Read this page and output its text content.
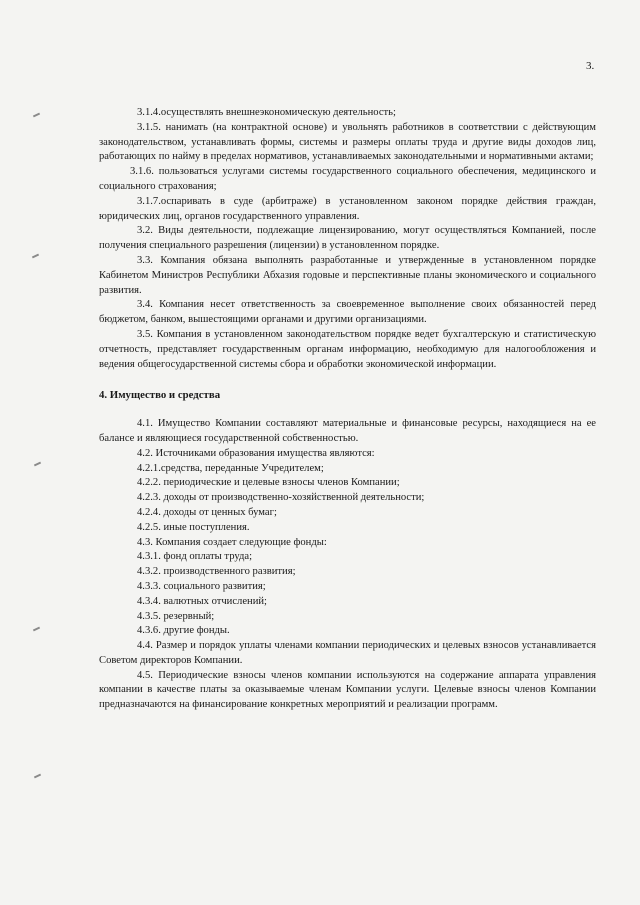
3.

3.1.4.осуществлять внешнеэкономическую деятельность;

3.1.5. нанимать (на контрактной основе) и увольнять работников в соответствии с действующим законодательством, устанавливать формы, системы и размеры оплаты труда и другие виды доходов лиц, работающих по найму в пределах нормативов, устанавливаемых законодательными и нормативными актами;

3.1.6. пользоваться услугами системы государственного социального обеспечения, медицинского и социального страхования;

3.1.7.оспаривать в суде (арбитраже) в установленном законом порядке действия граждан, юридических лиц, органов государственного управления.

3.2. Виды деятельности, подлежащие лицензированию, могут осуществляться Компанией, после получения специального разрешения (лицензии) в установленном порядке.

3.3. Компания обязана выполнять разработанные и утвержденные в установленном порядке Кабинетом Министров Республики Абхазия годовые и перспективные планы экономического и социального развития.

3.4. Компания несет ответственность за своевременное выполнение своих обязанностей перед бюджетом, банком, вышестоящими органами и другими организациями.

3.5. Компания в установленном законодательством порядке ведет бухгалтерскую и статистическую отчетность, представляет государственным органам информацию, необходимую для налогообложения и ведения общегосударственной системы сбора и обработки экономической информации.

4. Имущество и средства

4.1. Имущество Компании составляют материальные и финансовые ресурсы, находящиеся на ее балансе и являющиеся государственной собственностью.

4.2. Источниками образования имущества являются:

4.2.1.средства, переданные Учредителем;

4.2.2. периодические и целевые взносы членов Компании;

4.2.3. доходы от производственно-хозяйственной деятельности;

4.2.4. доходы от ценных бумаг;

4.2.5. иные поступления.

4.3. Компания создает следующие фонды:

4.3.1. фонд оплаты труда;

4.3.2. производственного развития;

4.3.3. социального развития;

4.3.4. валютных отчислений;

4.3.5. резервный;

4.3.6. другие фонды.

4.4. Размер и порядок уплаты членами компании периодических и целевых взносов устанавливается Советом директоров Компании.

4.5. Периодические взносы членов компании используются на содержание аппарата управления компании в качестве платы за оказываемые членам Компании услуги. Целевые взносы членов Компании предназначаются на финансирование конкретных мероприятий и реализации программ.
